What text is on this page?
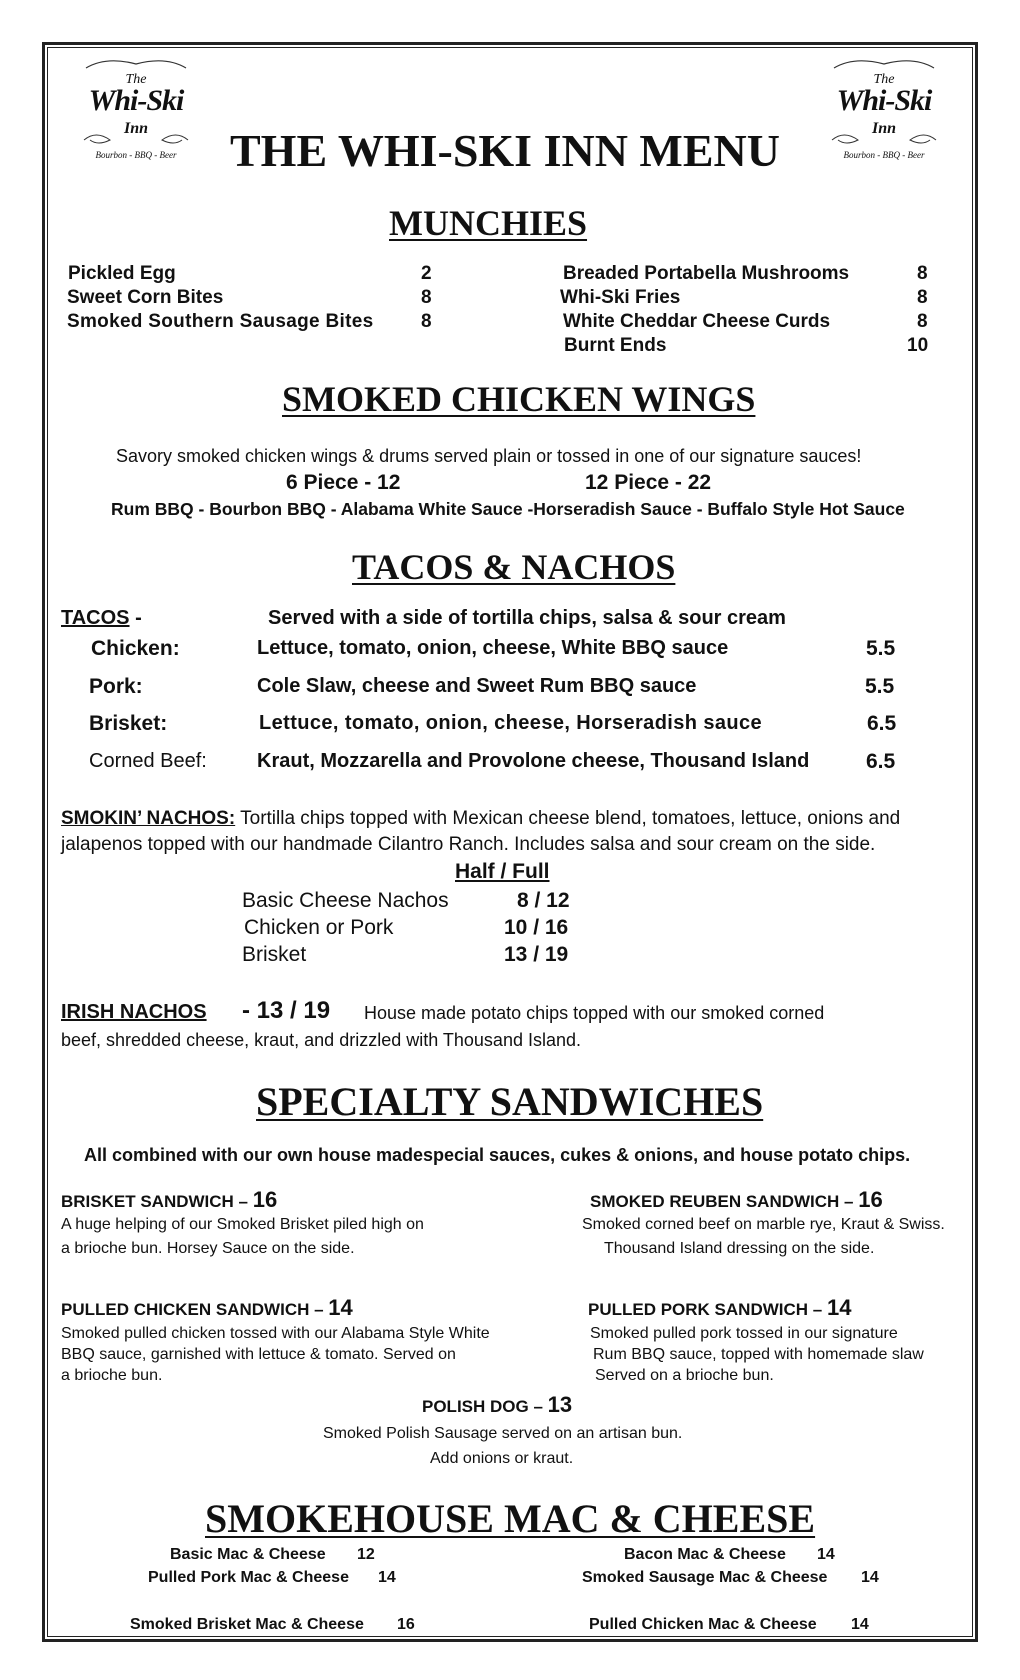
The
Whi-Ski
Inn
Bourbon - BBQ - Beer
The
Whi-Ski
Inn
Bourbon - BBQ - Beer
THE WHI-SKI INN MENU
MUNCHIES
Pickled Egg	2
Sweet Corn Bites	8
Smoked Southern Sausage Bites	8
Breaded Portabella Mushrooms	8
Whi-Ski Fries	8
White Cheddar Cheese Curds	8
Burnt Ends	10
SMOKED CHICKEN WINGS
Savory smoked chicken wings & drums served plain or tossed in one of our signature sauces!
6 Piece - 12	12 Piece - 22
Rum BBQ - Bourbon BBQ - Alabama White Sauce -Horseradish Sauce - Buffalo Style Hot Sauce
TACOS & NACHOS
TACOS -	Served with a side of tortilla chips, salsa & sour cream
Chicken:	Lettuce, tomato, onion, cheese, White BBQ sauce	5.5
Pork:	Cole Slaw, cheese and Sweet Rum BBQ sauce	5.5
Brisket:	Lettuce, tomato, onion, cheese, Horseradish sauce	6.5
Corned Beef:	Kraut, Mozzarella and Provolone cheese, Thousand Island	6.5
SMOKIN’ NACHOS: Tortilla chips topped with Mexican cheese blend, tomatoes, lettuce, onions and
jalapenos topped with our handmade Cilantro Ranch. Includes salsa and sour cream on the side.
Half / Full
Basic Cheese Nachos	8 / 12
Chicken or Pork	10 / 16
Brisket	13 / 19
IRISH NACHOS - 13 / 19 House made potato chips topped with our smoked corned
beef, shredded cheese, kraut, and drizzled with Thousand Island.
SPECIALTY SANDWICHES
All combined with our own house madespecial sauces, cukes & onions, and house potato chips.
BRISKET SANDWICH – 16
A huge helping of our Smoked Brisket piled high on
a brioche bun. Horsey Sauce on the side.
SMOKED REUBEN SANDWICH – 16
Smoked corned beef on marble rye, Kraut & Swiss.
Thousand Island dressing on the side.
PULLED CHICKEN SANDWICH – 14
Smoked pulled chicken tossed with our Alabama Style White
BBQ sauce, garnished with lettuce & tomato. Served on
a brioche bun.
PULLED PORK SANDWICH – 14
Smoked pulled pork tossed in our signature
Rum BBQ sauce, topped with homemade slaw
Served on a brioche bun.
POLISH DOG – 13
Smoked Polish Sausage served on an artisan bun.
Add onions or kraut.
SMOKEHOUSE MAC & CHEESE
Basic Mac & Cheese 12	Bacon Mac & Cheese 14
Pulled Pork Mac & Cheese 14	Smoked Sausage Mac & Cheese 14
Smoked Brisket Mac & Cheese 16	Pulled Chicken Mac & Cheese 14
